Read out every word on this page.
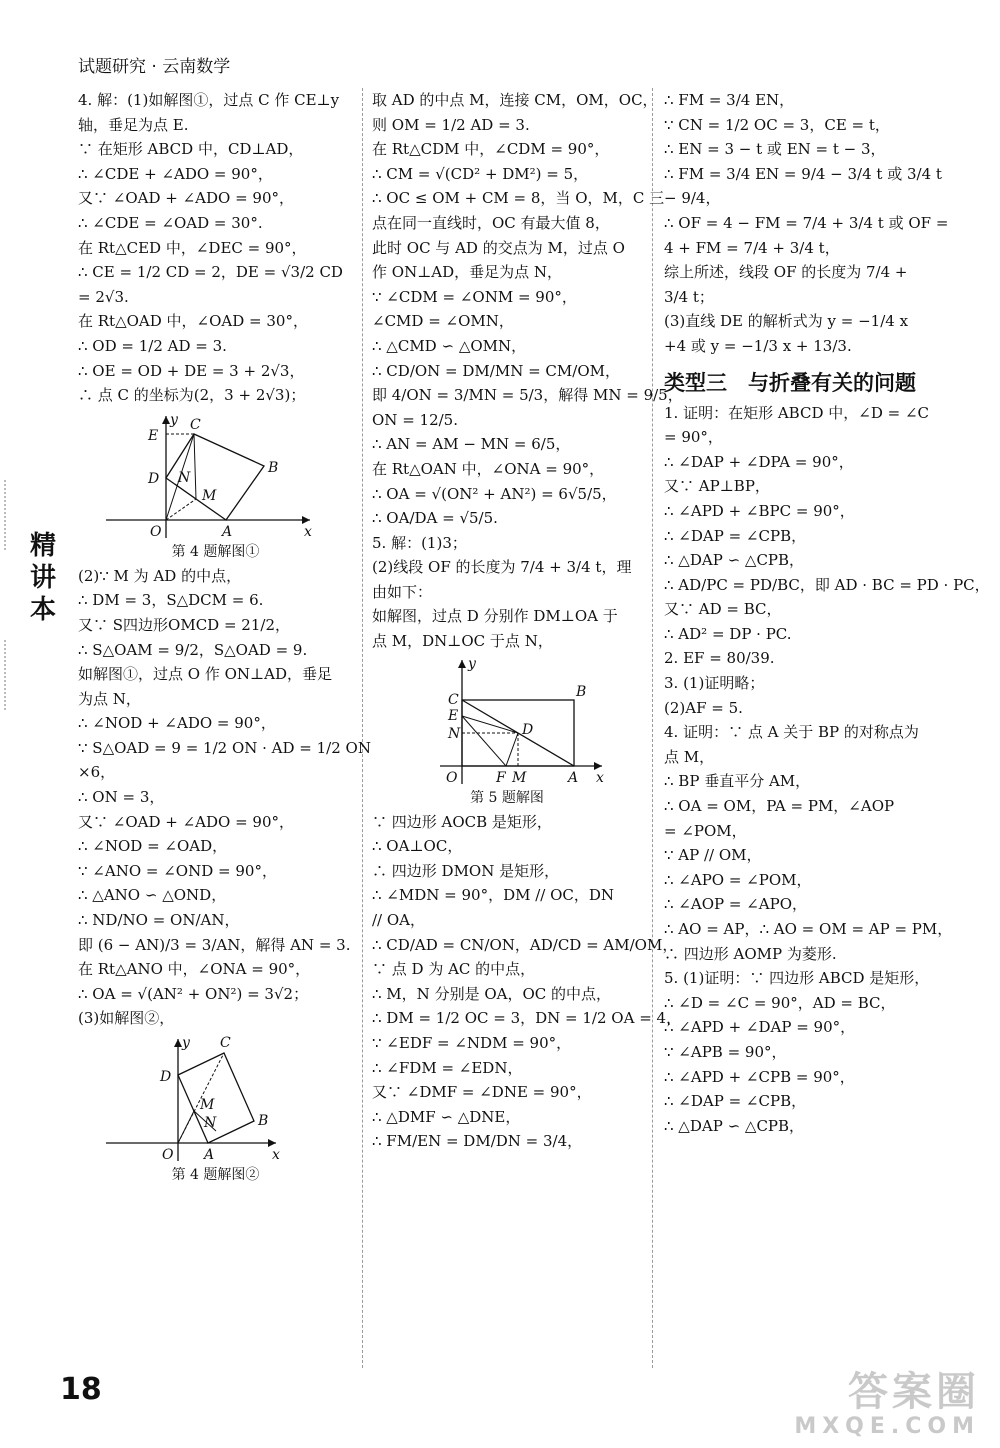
试题研究 · 云南数学
精讲本
4. 解：(1)如解图①，过点 C 作 CE⊥y
轴，垂足为点 E.
∵ 在矩形 ABCD 中，CD⊥AD，
∴ ∠CDE + ∠ADO = 90°，
又∵ ∠OAD + ∠ADO = 90°，
∴ ∠CDE = ∠OAD = 30°.
在 Rt△CED 中，∠DEC = 90°，
∴ CE = 1/2 CD = 2，DE = √3/2 CD
= 2√3.
在 Rt△OAD 中，∠OAD = 30°，
∴ OD = 1/2 AD = 3.
∴ OE = OD + DE = 3 + 2√3，
∴ 点 C 的坐标为(2，3 + 2√3)；
y
x
C
E
D N
M
B
O	A
第 4 题解图①
(2)∵ M 为 AD 的中点，
∴ DM = 3，S△DCM = 6.
又∵ S四边形OMCD = 21/2，
∴ S△OAM = 9/2，S△OAD = 9.
如解图①，过点 O 作 ON⊥AD，垂足
为点 N，
∴ ∠NOD + ∠ADO = 90°，
∵ S△OAD = 9 = 1/2 ON · AD = 1/2 ON
×6，
∴ ON = 3，
又∵ ∠OAD + ∠ADO = 90°，
∴ ∠NOD = ∠OAD，
∵ ∠ANO = ∠OND = 90°，
∴ △ANO ∽ △OND，
∴ ND/NO = ON/AN，
即 (6 − AN)/3 = 3/AN，解得 AN = 3.
在 Rt△ANO 中，∠ONA = 90°，
∴ OA = √(AN² + ON²) = 3√2；
(3)如解图②，
y
x
C
D
M
N	B
O A
第 4 题解图②
取 AD 的中点 M，连接 CM，OM，OC，
则 OM = 1/2 AD = 3.
在 Rt△CDM 中，∠CDM = 90°，
∴ CM = √(CD² + DM²) = 5，
∴ OC ≤ OM + CM = 8，当 O，M，C 三
点在同一直线时，OC 有最大值 8，
此时 OC 与 AD 的交点为 M，过点 O
作 ON⊥AD，垂足为点 N，
∵ ∠CDM = ∠ONM = 90°，
∠CMD = ∠OMN，
∴ △CMD ∽ △OMN，
∴ CD/ON = DM/MN = CM/OM，
即 4/ON = 3/MN = 5/3，解得 MN = 9/5，
ON = 12/5.
∴ AN = AM − MN = 6/5，
在 Rt△OAN 中，∠ONA = 90°，
∴ OA = √(ON² + AN²) = 6√5/5，
∴ OA/DA = √5/5.
5. 解：(1)3；
(2)线段 OF 的长度为 7/4 + 3/4 t，理
由如下：
如解图，过点 D 分别作 DM⊥OA 于
点 M，DN⊥OC 于点 N，
y
x
C	B
E
N	D
O	F M	A
第 5 题解图
∵ 四边形 AOCB 是矩形，
∴ OA⊥OC，
∴ 四边形 DMON 是矩形，
∴ ∠MDN = 90°，DM // OC，DN
// OA，
∴ CD/AD = CN/ON，AD/CD = AM/OM，
∵ 点 D 为 AC 的中点，
∴ M，N 分别是 OA，OC 的中点，
∴ DM = 1/2 OC = 3，DN = 1/2 OA = 4，
∵ ∠EDF = ∠NDM = 90°，
∴ ∠FDM = ∠EDN，
又∵ ∠DMF = ∠DNE = 90°，
∴ △DMF ∽ △DNE，
∴ FM/EN = DM/DN = 3/4，
∴ FM = 3/4 EN，
∵ CN = 1/2 OC = 3，CE = t，
∴ EN = 3 − t 或 EN = t − 3，
∴ FM = 3/4 EN = 9/4 − 3/4 t 或 3/4 t
− 9/4，
∴ OF = 4 − FM = 7/4 + 3/4 t 或 OF =
4 + FM = 7/4 + 3/4 t，
综上所述，线段 OF 的长度为 7/4 +
3/4 t；
(3)直线 DE 的解析式为 y = −1/4 x
+4 或 y = −1/3 x + 13/3.
类型三　与折叠有关的问题
1. 证明：在矩形 ABCD 中，∠D = ∠C
= 90°，
∴ ∠DAP + ∠DPA = 90°，
又∵ AP⊥BP，
∴ ∠APD + ∠BPC = 90°，
∴ ∠DAP = ∠CPB，
∴ △DAP ∽ △CPB，
∴ AD/PC = PD/BC，即 AD · BC = PD · PC，
又∵ AD = BC，
∴ AD² = DP · PC.
2. EF = 80/39.
3. (1)证明略；
(2)AF = 5.
4. 证明：∵ 点 A 关于 BP 的对称点为
点 M，
∴ BP 垂直平分 AM，
∴ OA = OM，PA = PM，∠AOP
= ∠POM，
∵ AP // OM，
∴ ∠APO = ∠POM，
∴ ∠AOP = ∠APO，
∴ AO = AP，∴ AO = OM = AP = PM，
∴ 四边形 AOMP 为菱形.
5. (1)证明：∵ 四边形 ABCD 是矩形，
∴ ∠D = ∠C = 90°，AD = BC，
∴ ∠APD + ∠DAP = 90°，
∵ ∠APB = 90°，
∴ ∠APD + ∠CPB = 90°，
∴ ∠DAP = ∠CPB，
∴ △DAP ∽ △CPB，
18	答案圈
MXQE.COM
